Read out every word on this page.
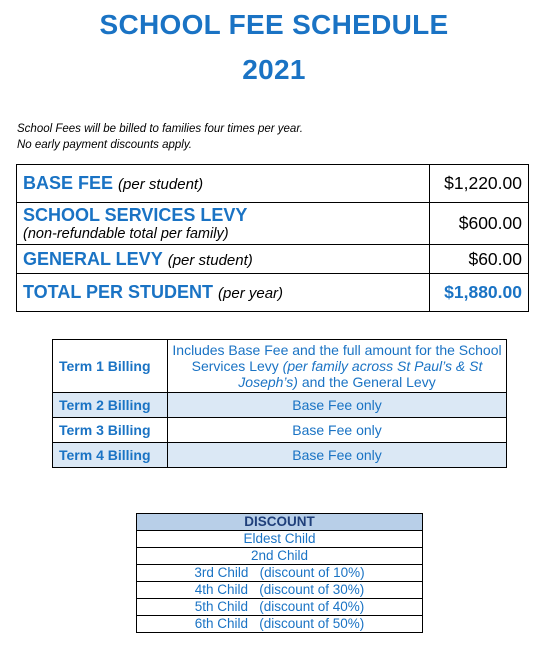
SCHOOL FEE SCHEDULE
2021
School Fees will be billed to families four times per year.
No early payment discounts apply.
BASE FEE (per student)	$1,220.00
SCHOOL SERVICES LEVY
(non-refundable total per family)	$600.00
GENERAL LEVY (per student)	$60.00
TOTAL PER STUDENT (per year)	$1,880.00
Term 1 Billing	Includes Base Fee and the full amount for the School Services Levy (per family across St Paul’s & St Joseph’s) and the General Levy
Term 2 Billing	Base Fee only
Term 3 Billing	Base Fee only
Term 4 Billing	Base Fee only
DISCOUNT
Eldest Child
2nd Child
3rd Child   (discount of 10%)
4th Child   (discount of 30%)
5th Child   (discount of 40%)
6th Child   (discount of 50%)
